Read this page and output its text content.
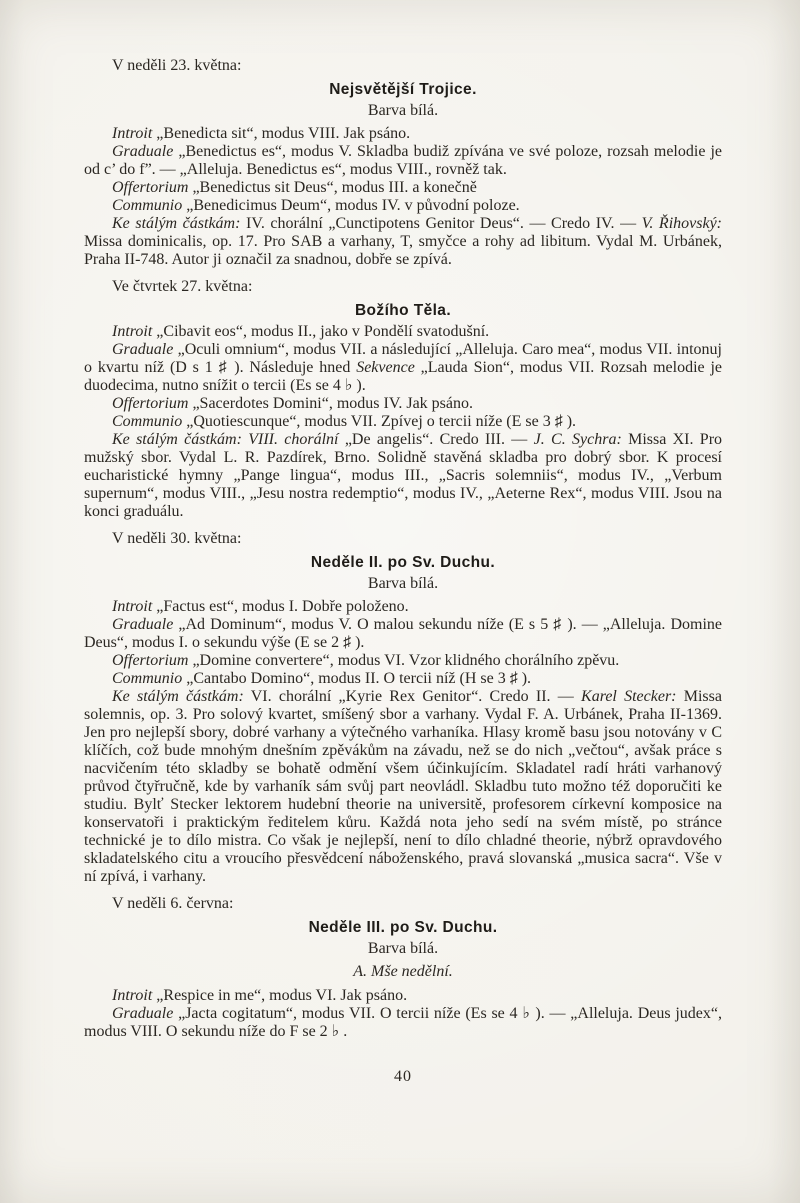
V neděli 23. května:

Nejsvětější Trojice.

Barva bílá.

Introit „Benedicta sit“, modus VIII. Jak psáno.

Graduale „Benedictus es“, modus V. Skladba budiž zpívána ve své poloze, rozsah melodie je od c’ do f”. — „Alleluja. Benedictus es“, modus VIII., rovněž tak.

Offertorium „Benedictus sit Deus“, modus III. a konečně

Communio „Benedicimus Deum“, modus IV. v původní poloze.

Ke stálým částkám: IV. chorální „Cunctipotens Genitor Deus“. — Credo IV. — V. Řihovský: Missa dominicalis, op. 17. Pro SAB a varhany, T, smyčce a rohy ad libitum. Vydal M. Urbánek, Praha II-748. Autor ji označil za snadnou, dobře se zpívá.

Ve čtvrtek 27. května:

Božího Těla.

Introit „Cibavit eos“, modus II., jako v Pondělí svatodušní.

Graduale „Oculi omnium“, modus VII. a následující „Alleluja. Caro mea“, modus VII. intonuj o kvartu níž (D s 1 ♯ ). Následuje hned Sekvence „Lauda Sion“, modus VII. Rozsah melodie je duodecima, nutno snížit o tercii (Es se 4 ♭ ).

Offertorium „Sacerdotes Domini“, modus IV. Jak psáno.

Communio „Quotiescunque“, modus VII. Zpívej o tercii níže (E se 3 ♯ ).

Ke stálým částkám: VIII. chorální „De angelis“. Credo III. — J. C. Sychra: Missa XI. Pro mužský sbor. Vydal L. R. Pazdírek, Brno. Solidně stavěná skladba pro dobrý sbor. K procesí eucharistické hymny „Pange lingua“, modus III., „Sacris solemniis“, modus IV., „Verbum supernum“, modus VIII., „Jesu nostra redemptio“, modus IV., „Aeterne Rex“, modus VIII. Jsou na konci graduálu.

V neděli 30. května:

Neděle II. po Sv. Duchu.

Barva bílá.

Introit „Factus est“, modus I. Dobře položeno.

Graduale „Ad Dominum“, modus V. O malou sekundu níže (E s 5 ♯ ). — „Alleluja. Domine Deus“, modus I. o sekundu výše (E se 2 ♯ ).

Offertorium „Domine convertere“, modus VI. Vzor klidného chorálního zpěvu.

Communio „Cantabo Domino“, modus II. O tercii níž (H se 3 ♯ ).

Ke stálým částkám: VI. chorální „Kyrie Rex Genitor“. Credo II. — Karel Stecker: Missa solemnis, op. 3. Pro solový kvartet, smíšený sbor a varhany. Vydal F. A. Urbánek, Praha II-1369. Jen pro nejlepší sbory, dobré varhany a výtečného varhaníka. Hlasy kromě basu jsou notovány v C klíčích, což bude mnohým dnešním zpěvákům na závadu, než se do nich „večtou“, avšak práce s nacvičením této skladby se bohatě odmění všem účinkujícím. Skladatel radí hráti varhanový průvod čtyřručně, kde by varhaník sám svůj part neovládl. Skladbu tuto možno též doporučiti ke studiu. Bylť Stecker lektorem hudební theorie na universitě, profesorem církevní komposice na konservatoři i praktickým ředitelem kůru. Každá nota jeho sedí na svém místě, po stránce technické je to dílo mistra. Co však je nejlepší, není to dílo chladné theorie, nýbrž opravdového skladatelského citu a vroucího přesvědcení náboženského, pravá slovanská „musica sacra“. Vše v ní zpívá, i varhany.

V neděli 6. června:

Neděle III. po Sv. Duchu.

Barva bílá.

A. Mše nedělní.

Introit „Respice in me“, modus VI. Jak psáno.

Graduale „Jacta cogitatum“, modus VII. O tercii níže (Es se 4 ♭ ). — „Alleluja. Deus judex“, modus VIII. O sekundu níže do F se 2 ♭ .

40
